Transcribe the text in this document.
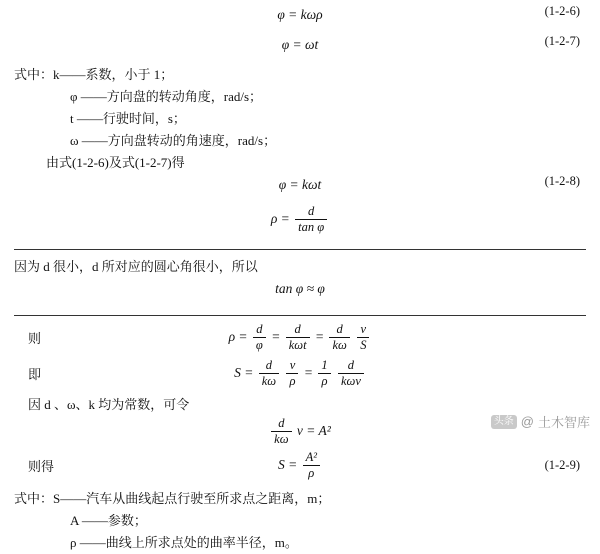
φ = kωρ	(1-2-6)
φ = ωt	(1-2-7)
式中：k——系数，小于 1；
φ ——方向盘的转动角度，rad/s；
t ——行驶时间，s；
ω ——方向盘转动的角速度，rad/s；
由式(1-2-6)及式(1-2-7)得
φ = kωt	(1-2-8)
$\rho = \frac{d}{\text{tan φ}}$
因为 d 很小，d 所对应的圆心角很小，所以
tan φ ≈ φ
则	$\rho = \frac{d}{\varphi} = \frac{d}{\text{kωt}} = \frac{d}{k\omega}$
$\frac{v}{S}$
即	$S = \frac{d}{k\omega}$
$\frac{v}{\rho} = \frac{1}{\rho}$
$\frac{d}{\text{kωv}}$
因 d 、ω、k 均为常数，可令
$\frac{d}{k\omega}$ v = A²
则得	$S = \frac{\text{A²}}{\rho}$	(1-2-9)
式中：S——汽车从曲线起点行驶至所求点之距离，m；
A ——参数；
ρ ——曲线上所求点处的曲率半径，m。
头条 @ 土木智库
